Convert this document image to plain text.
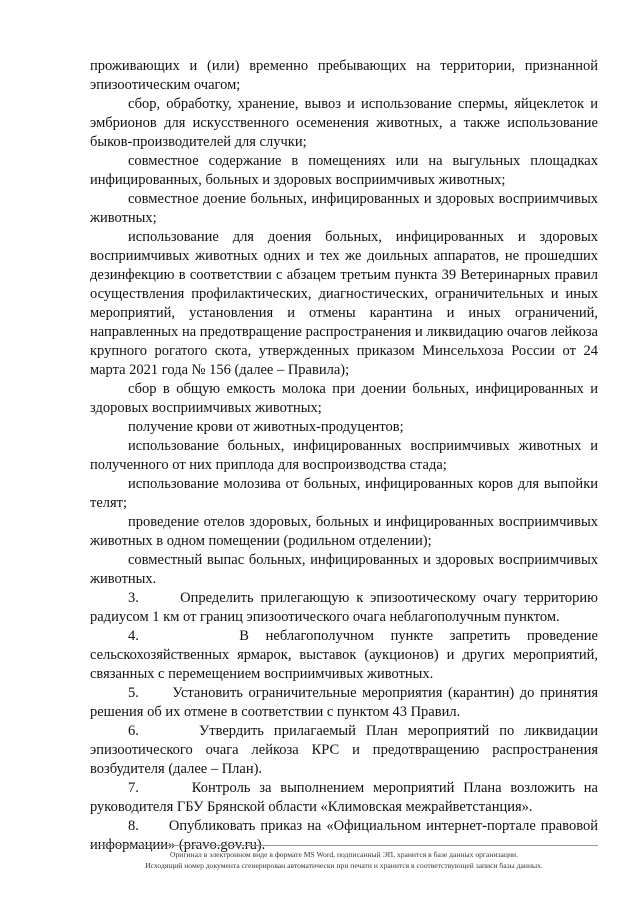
проживающих и (или) временно пребывающих на территории, признанной эпизоотическим очагом;

сбор, обработку, хранение, вывоз и использование спермы, яйцеклеток и эмбрионов для искусственного осеменения животных, а также использование быков-производителей для случки;

совместное содержание в помещениях или на выгульных площадках инфицированных, больных и здоровых восприимчивых животных;

совместное доение больных, инфицированных и здоровых восприимчивых животных;

использование для доения больных, инфицированных и здоровых восприимчивых животных одних и тех же доильных аппаратов, не прошедших дезинфекцию в соответствии с абзацем третьим пункта 39 Ветеринарных правил осуществления профилактических, диагностических, ограничительных и иных мероприятий, установления и отмены карантина и иных ограничений, направленных на предотвращение распространения и ликвидацию очагов лейкоза крупного рогатого скота, утвержденных приказом Минсельхоза России от 24 марта 2021 года № 156 (далее – Правила);

сбор в общую емкость молока при доении больных, инфицированных и здоровых восприимчивых животных;

получение крови от животных-продуцентов;

использование больных, инфицированных восприимчивых животных и полученного от них приплода для воспроизводства стада;

использование молозива от больных, инфицированных коров для выпойки телят;

проведение отелов здоровых, больных и инфицированных восприимчивых животных в одном помещении (родильном отделении);

совместный выпас больных, инфицированных и здоровых восприимчивых животных.

3.      Определить прилегающую к эпизоотическому очагу территорию радиусом 1 км от границ эпизоотического очага неблагополучным пунктом.

4.      В неблагополучном пункте запретить проведение сельскохозяйственных ярмарок, выставок (аукционов) и других мероприятий, связанных с перемещением восприимчивых животных.

5.      Установить ограничительные мероприятия (карантин) до принятия решения об их отмене в соответствии с пунктом 43 Правил.

6.      Утвердить прилагаемый План мероприятий по ликвидации эпизоотического очага лейкоза КРС и предотвращению распространения возбудителя (далее – План).

7.      Контроль за выполнением мероприятий Плана возложить на руководителя ГБУ Брянской области «Климовская межрайветстанция».

8.      Опубликовать приказ на «Официальном интернет-портале правовой информации» (pravo.gov.ru).

Оригинал в электронном виде в формате MS Word, подписанный ЭП, хранится в базе данных организации.
Исходящий номер документа сгенерирован автоматически при печати и хранится в соответствующей записи базы данных.
